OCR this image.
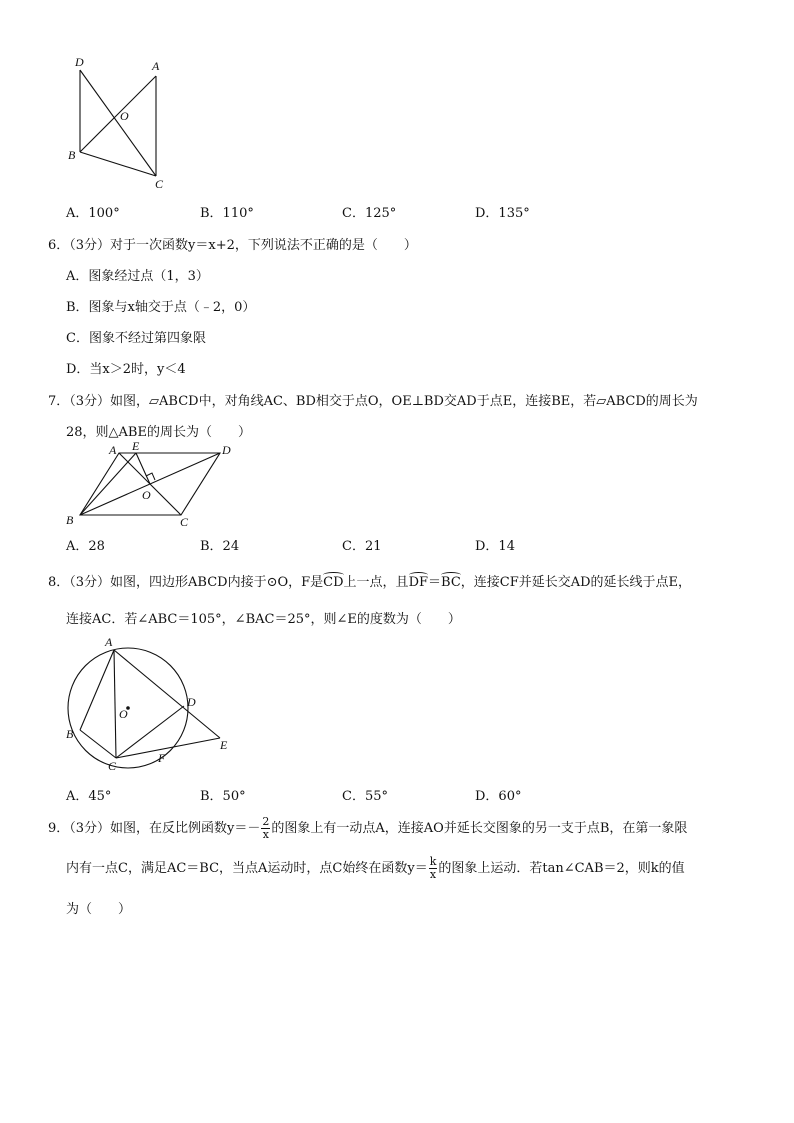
D	A
O
B
C
A．100°	B．110°	C．125°	D．135°
6．（3分）对于一次函数y＝x+2，下列说法不正确的是（　　）
A．图象经过点（1，3）
B．图象与x轴交于点（﹣2，0）
C．图象不经过第四象限
D．当x＞2时，y＜4
7．（3分）如图，▱ABCD中，对角线AC、BD相交于点O，OE⊥BD交AD于点E，连接BE，若▱ABCD的周长为
28，则△ABE的周长为（　　）
A E	D
O
B	C
A．28	B．24	C．21	D．14
8．（3分）如图，四边形ABCD内接于⊙O，F是CD上一点，且DF＝BC，连接CF并延长交AD的延长线于点E，
连接AC．若∠ABC＝105°，∠BAC＝25°，则∠E的度数为（　　）
A
O
D
B
E
C
F
A．45°	B．50°	C．55°	D．60°
9．（3分）如图，在反比例函数$y=- \frac{2}{x}$ 的图象上有一动点A，连接AO并延长交图象的另一支于点B，在第一象限
内有一点C，满足AC＝BC，当点A运动时，点C始终在函数$y= \frac{k}{x}$ 的图象上运动．若tan∠CAB＝2，则k的值
为（　　）
